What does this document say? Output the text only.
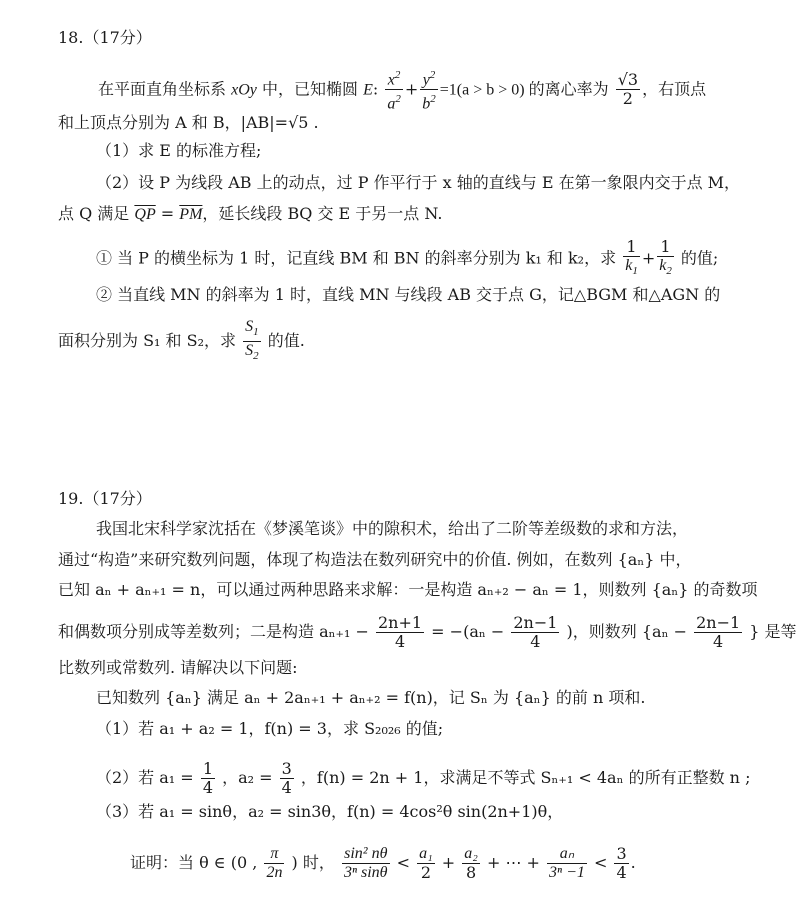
18.（17分）
在平面直角坐标系 xOy 中，已知椭圆 E: $\frac{x^2}{a^2} + \frac{y^2}{b^2} =1(a > b > 0)$ 的离心率为 $\frac{√3}{2}$ ，右顶点
和上顶点分别为 A 和 B，|AB|=√5 .
（1）求 E 的标准方程;
（2）设 P 为线段 AB 上的动点，过 P 作平行于 x 轴的直线与 E 在第一象限内交于点 M，
点 Q 满足 $\overline{QP} = \overline{PM}$，延长线段 BQ 交 E 于另一点 N.
① 当 P 的横坐标为 1 时，记直线 BM 和 BN 的斜率分别为 k₁ 和 k₂，求 $\frac{1}{k_1} + \frac{1}{k_2}$ 的值;
② 当直线 MN 的斜率为 1 时，直线 MN 与线段 AB 交于点 G，记△BGM 和△AGN 的
面积分别为 S₁ 和 S₂，求 $\frac{S_1}{S_2}$ 的值.
19.（17分）
我国北宋科学家沈括在《梦溪笔谈》中的隙积术，给出了二阶等差级数的求和方法，
通过“构造”来研究数列问题，体现了构造法在数列研究中的价值. 例如，在数列 {aₙ} 中，
已知 aₙ + aₙ₊₁ = n，可以通过两种思路来求解：一是构造 aₙ₊₂ − aₙ = 1，则数列 {aₙ} 的奇数项
和偶数项分别成等差数列；二是构造 $a_{n+1} - \frac{2n+1}{4} = -(a_n - \frac{2n-1}{4}$ )，则数列 {$a_n - \frac{2n-1}{4}$ } 是等
比数列或常数列. 请解决以下问题:
已知数列 {aₙ} 满足 aₙ + 2aₙ₊₁ + aₙ₊₂ = f(n)，记 Sₙ 为 {aₙ} 的前 n 项和.
（1）若 a₁ + a₂ = 1，f(n) = 3，求 S₂₀₂₆ 的值;
（2）若 $a_1 = \frac{1}{4}$ ，$a_2 = \frac{3}{4}$ ，f(n) = 2n + 1，求满足不等式 Sₙ₊₁ < 4aₙ 的所有正整数 n ;
（3）若 a₁ = sinθ，a₂ = sin3θ，f(n) = 4cos²θ sin(2n+1)θ，
证明：当 θ ∈ (0 , $\frac{\pi}{2n}$ ) 时， $\frac{\text{sin² nθ}}{\text{3ⁿ sinθ}} < \frac{\text{a₁}}{2} + \frac{\text{a₂}}{8}$ + ⋯ + $\frac{\text{aₙ}}{\text{3ⁿ −1}} < \frac{3}{4}$ .
